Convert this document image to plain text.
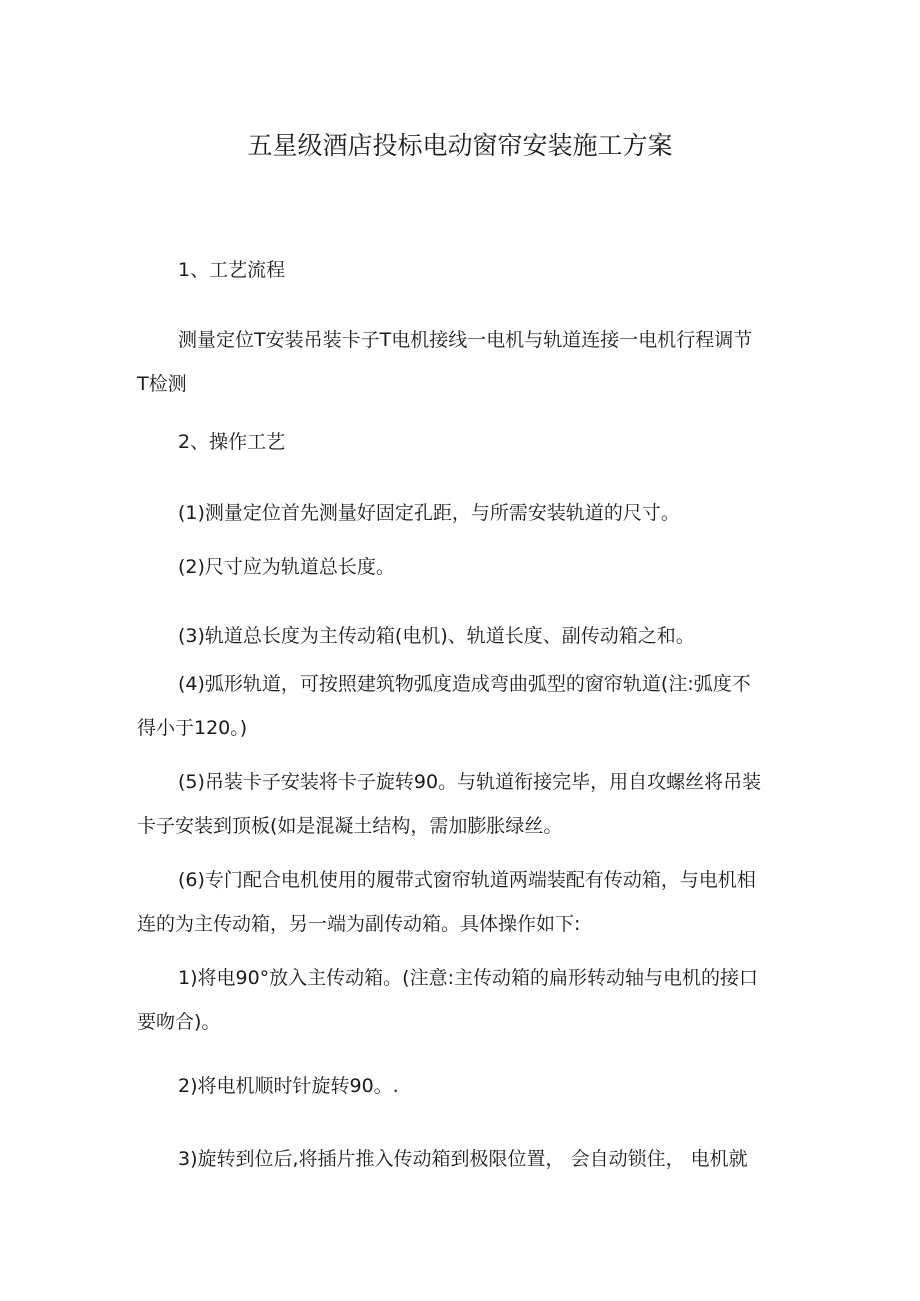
五星级酒店投标电动窗帘安装施工方案
1、工艺流程
测量定位T安装吊装卡子T电机接线一电机与轨道连接一电机行程调节
T检测
2、操作工艺
(1)测量定位首先测量好固定孔距，与所需安装轨道的尺寸。
(2)尺寸应为轨道总长度。
(3)轨道总长度为主传动箱(电机)、轨道长度、副传动箱之和。
(4)弧形轨道，可按照建筑物弧度造成弯曲弧型的窗帘轨道(注:弧度不
得小于120。)
(5)吊装卡子安装将卡子旋转90。与轨道衔接完毕，用自攻螺丝将吊装
卡子安装到顶板(如是混凝土结构，需加膨胀绿丝。
(6)专门配合电机使用的履带式窗帘轨道两端装配有传动箱，与电机相
连的为主传动箱，另一端为副传动箱。具体操作如下:
1)将电90°放入主传动箱。(注意:主传动箱的扁形转动轴与电机的接口
要吻合)。
2)将电机顺时针旋转90。.
3)旋转到位后,将插片推入传动箱到极限位置， 会自动锁住， 电机就
